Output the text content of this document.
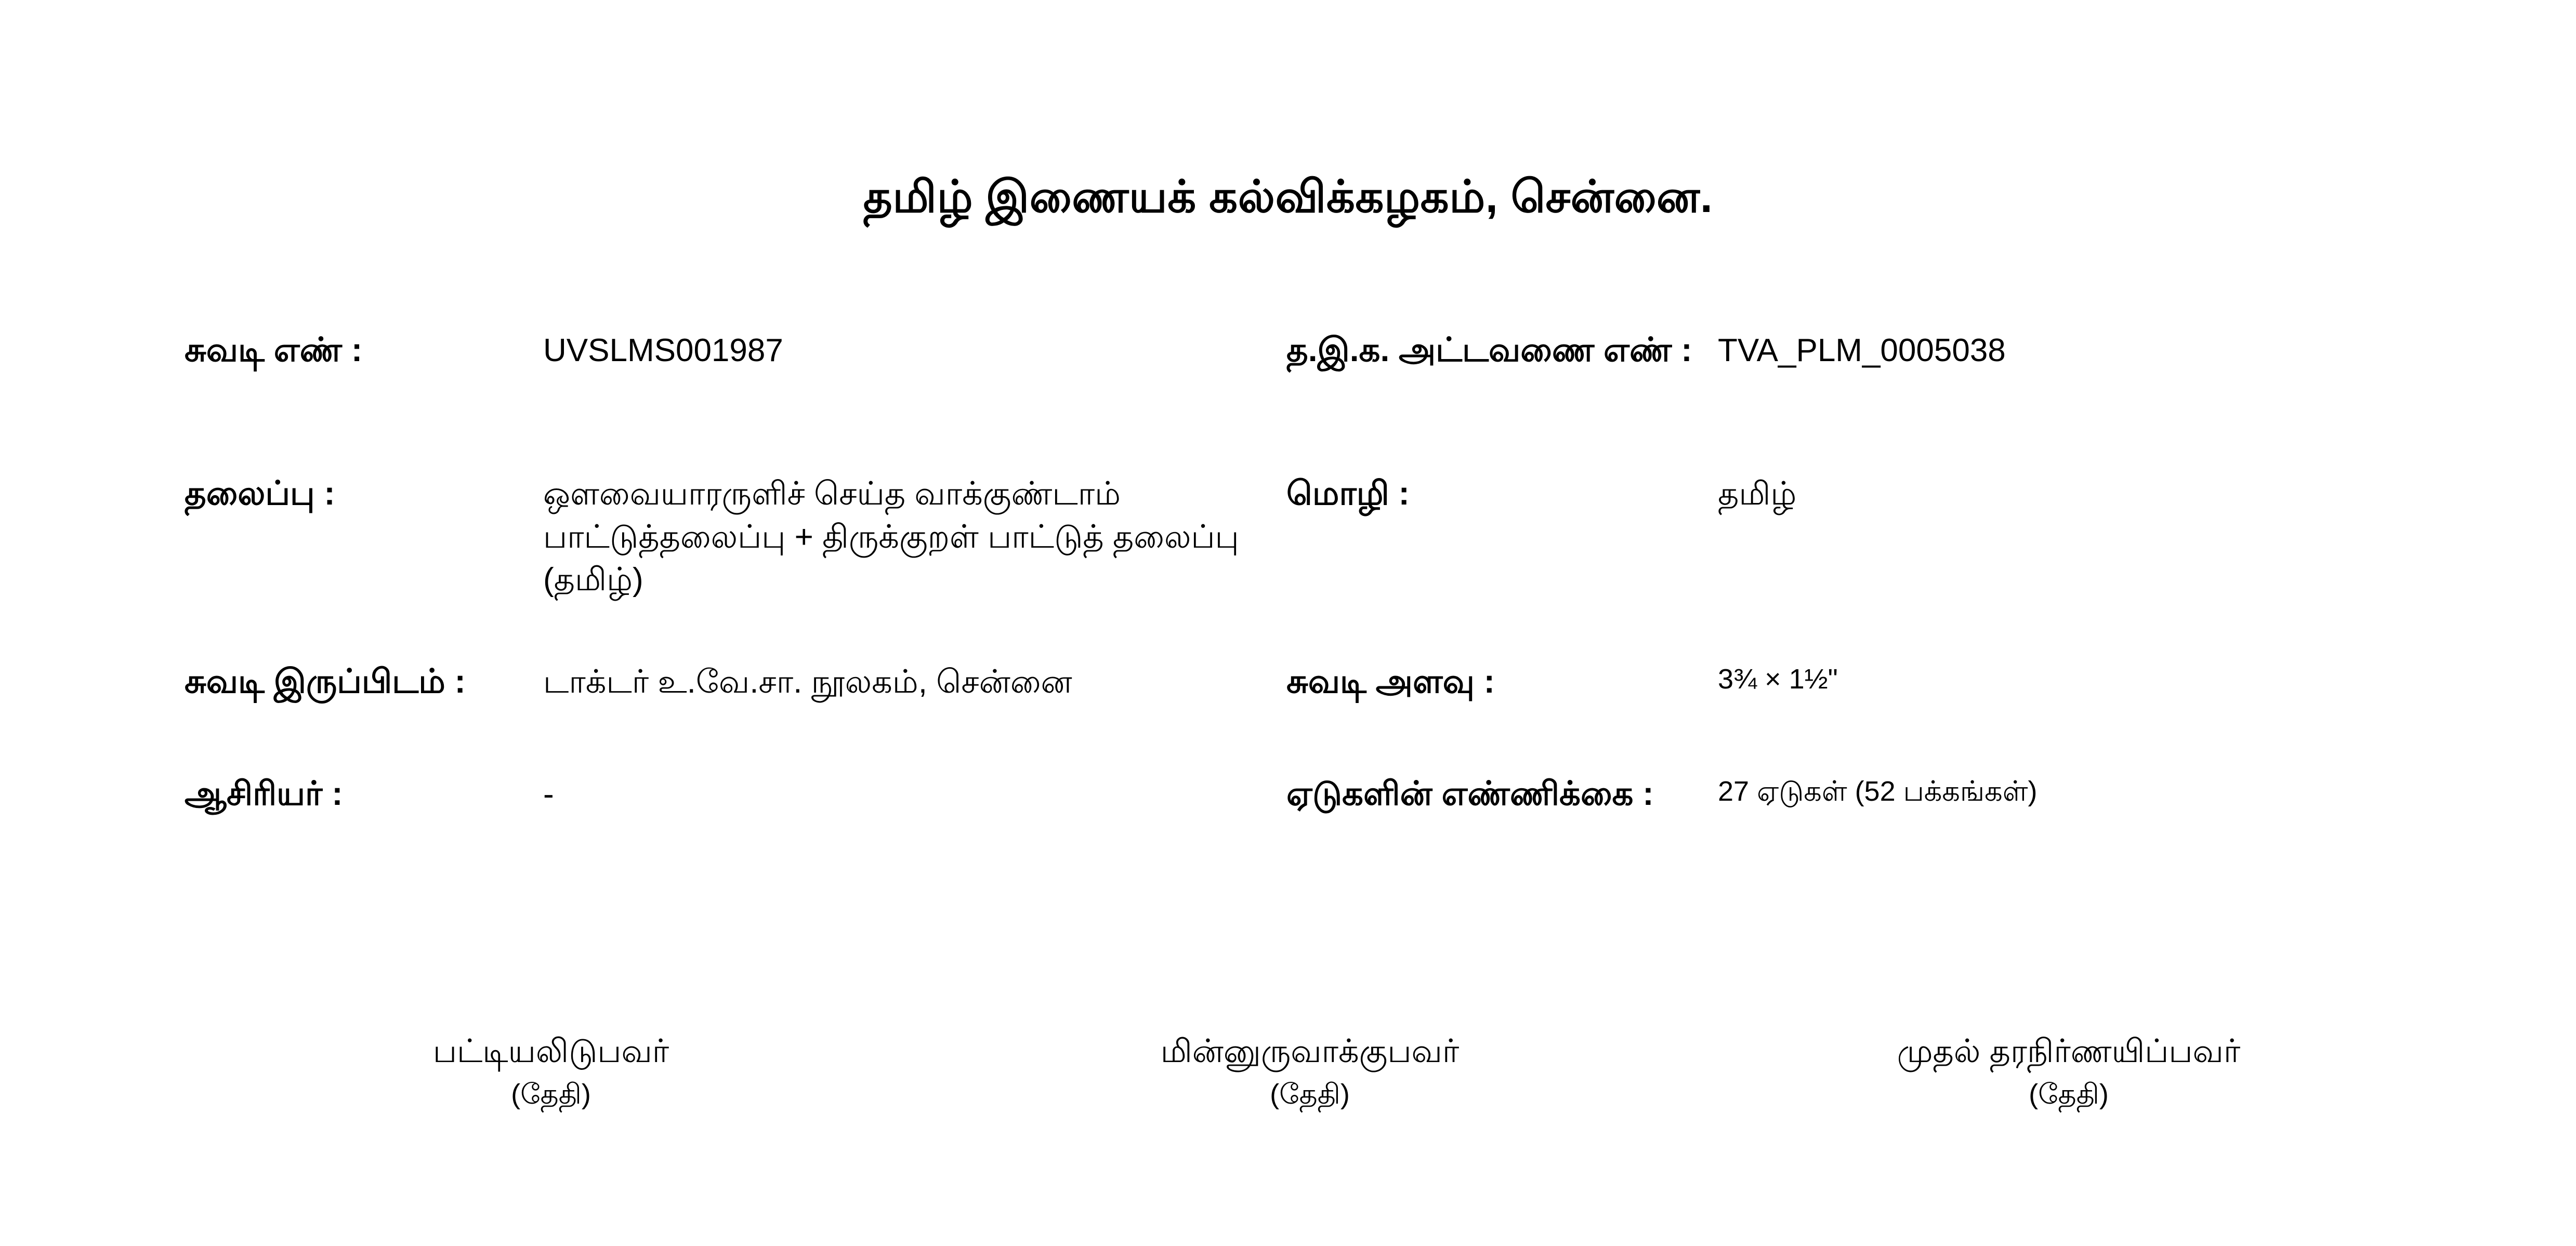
தமிழ் இணையக் கல்விக்கழகம், சென்னை.
சுவடி எண் :	UVSLMS001987	த.இ.க. அட்டவணை எண் : TVA_PLM_0005038
தலைப்பு :	ஒளவையாரருளிச் செய்த வாக்குண்டாம் பாட்டுத்தலைப்பு + திருக்குறள் பாட்டுத் தலைப்பு (தமிழ்)
மொழி :	தமிழ்
சுவடி இருப்பிடம் :	டாக்டர் உ.வே.சா. நூலகம், சென்னை	சுவடி அளவு :	3¾ × 1½"
ஆசிரியர் :	-	ஏடுகளின் எண்ணிக்கை :	27 ஏடுகள் (52 பக்கங்கள்)
பட்டியலிடுபவர்
(தேதி)
மின்னுருவாக்குபவர்
(தேதி)
முதல் தரநிர்ணயிப்பவர்
(தேதி)
